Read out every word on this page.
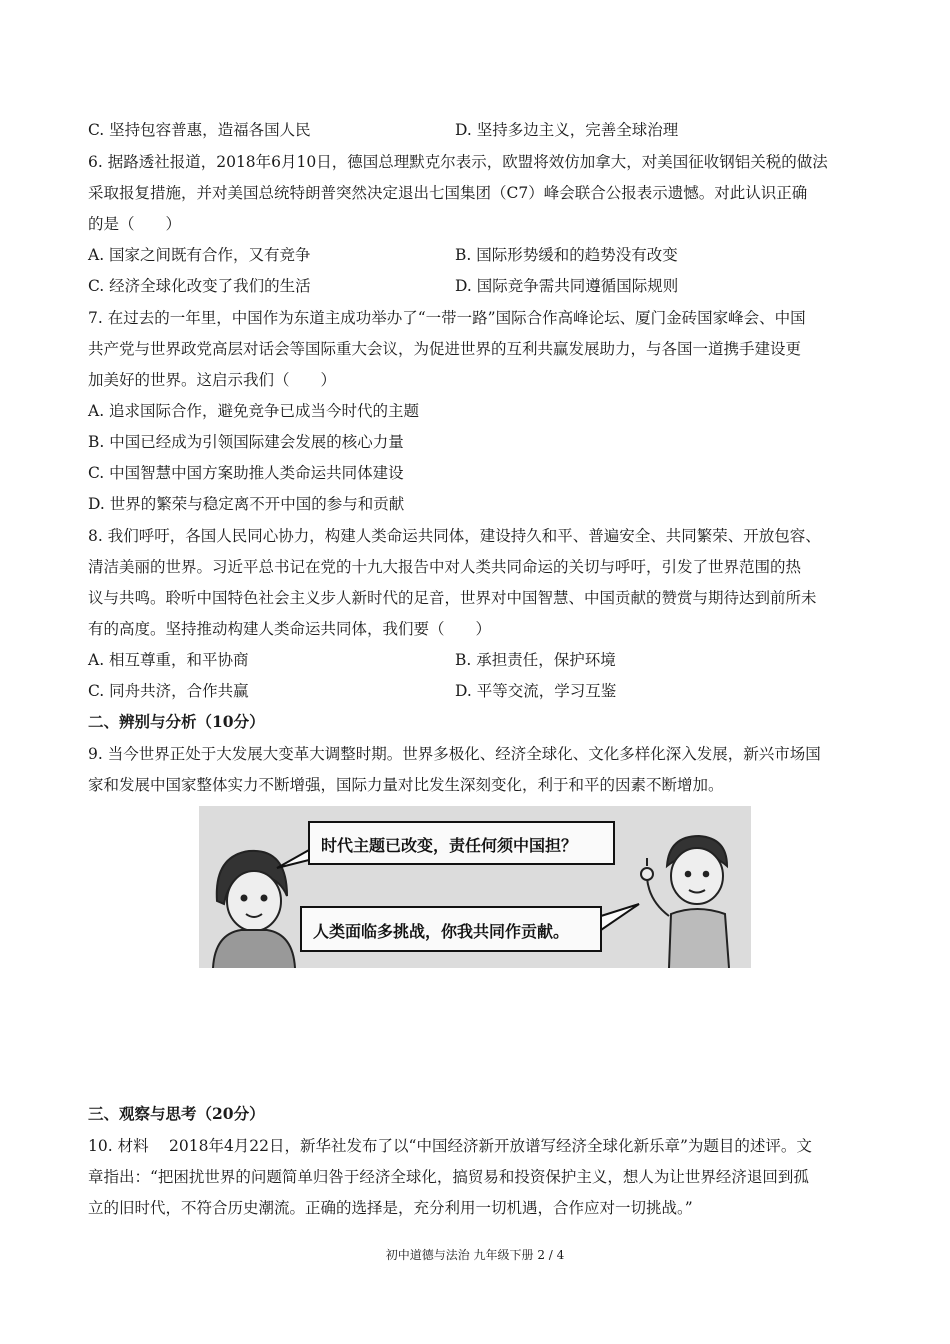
C. 坚持包容普惠，造福各国人民	D. 坚持多边主义，完善全球治理
6. 据路透社报道，2018年6月10日，德国总理默克尔表示，欧盟将效仿加拿大，对美国征收钢铝关税的做法
采取报复措施，并对美国总统特朗普突然决定退出七国集团（C7）峰会联合公报表示遗憾。对此认识正确
的是（　　）
A. 国家之间既有合作，又有竞争	B. 国际形势缓和的趋势没有改变
C. 经济全球化改变了我们的生活	D. 国际竞争需共同遵循国际规则
7. 在过去的一年里，中国作为东道主成功举办了“一带一路”国际合作高峰论坛、厦门金砖国家峰会、中国
共产党与世界政党高层对话会等国际重大会议，为促进世界的互利共赢发展助力，与各国一道携手建设更
加美好的世界。这启示我们（　　）
A. 追求国际合作，避免竞争已成当今时代的主题
B. 中国已经成为引领国际建会发展的核心力量
C. 中国智慧中国方案助推人类命运共同体建设
D. 世界的繁荣与稳定离不开中国的参与和贡献
8. 我们呼吁，各国人民同心协力，构建人类命运共同体，建设持久和平、普遍安全、共同繁荣、开放包容、
清洁美丽的世界。习近平总书记在党的十九大报告中对人类共同命运的关切与呼吁，引发了世界范围的热
议与共鸣。聆听中国特色社会主义步人新时代的足音，世界对中国智慧、中国贡献的赞赏与期待达到前所未
有的高度。坚持推动构建人类命运共同体，我们要（　　）
A. 相互尊重，和平协商	B. 承担责任，保护环境
C. 同舟共济，合作共赢	D. 平等交流，学习互鉴
二、辨别与分析（10分）
9. 当今世界正处于大发展大变革大调整时期。世界多极化、经济全球化、文化多样化深入发展，新兴市场国
家和发展中国家整体实力不断增强，国际力量对比发生深刻变化，利于和平的因素不断增加。
时代主题已改变，责任何须中国担？
人类面临多挑战，你我共同作贡献。
三、观察与思考（20分）
10. 材料　 2018年4月22日，新华社发布了以“中国经济新开放谱写经济全球化新乐章”为题目的述评。文
章指出：“把困扰世界的问题简单归咎于经济全球化，搞贸易和投资保护主义，想人为让世界经济退回到孤
立的旧时代，不符合历史潮流。正确的选择是，充分利用一切机遇，合作应对一切挑战。”
初中道德与法治 九年级下册 2 / 4
